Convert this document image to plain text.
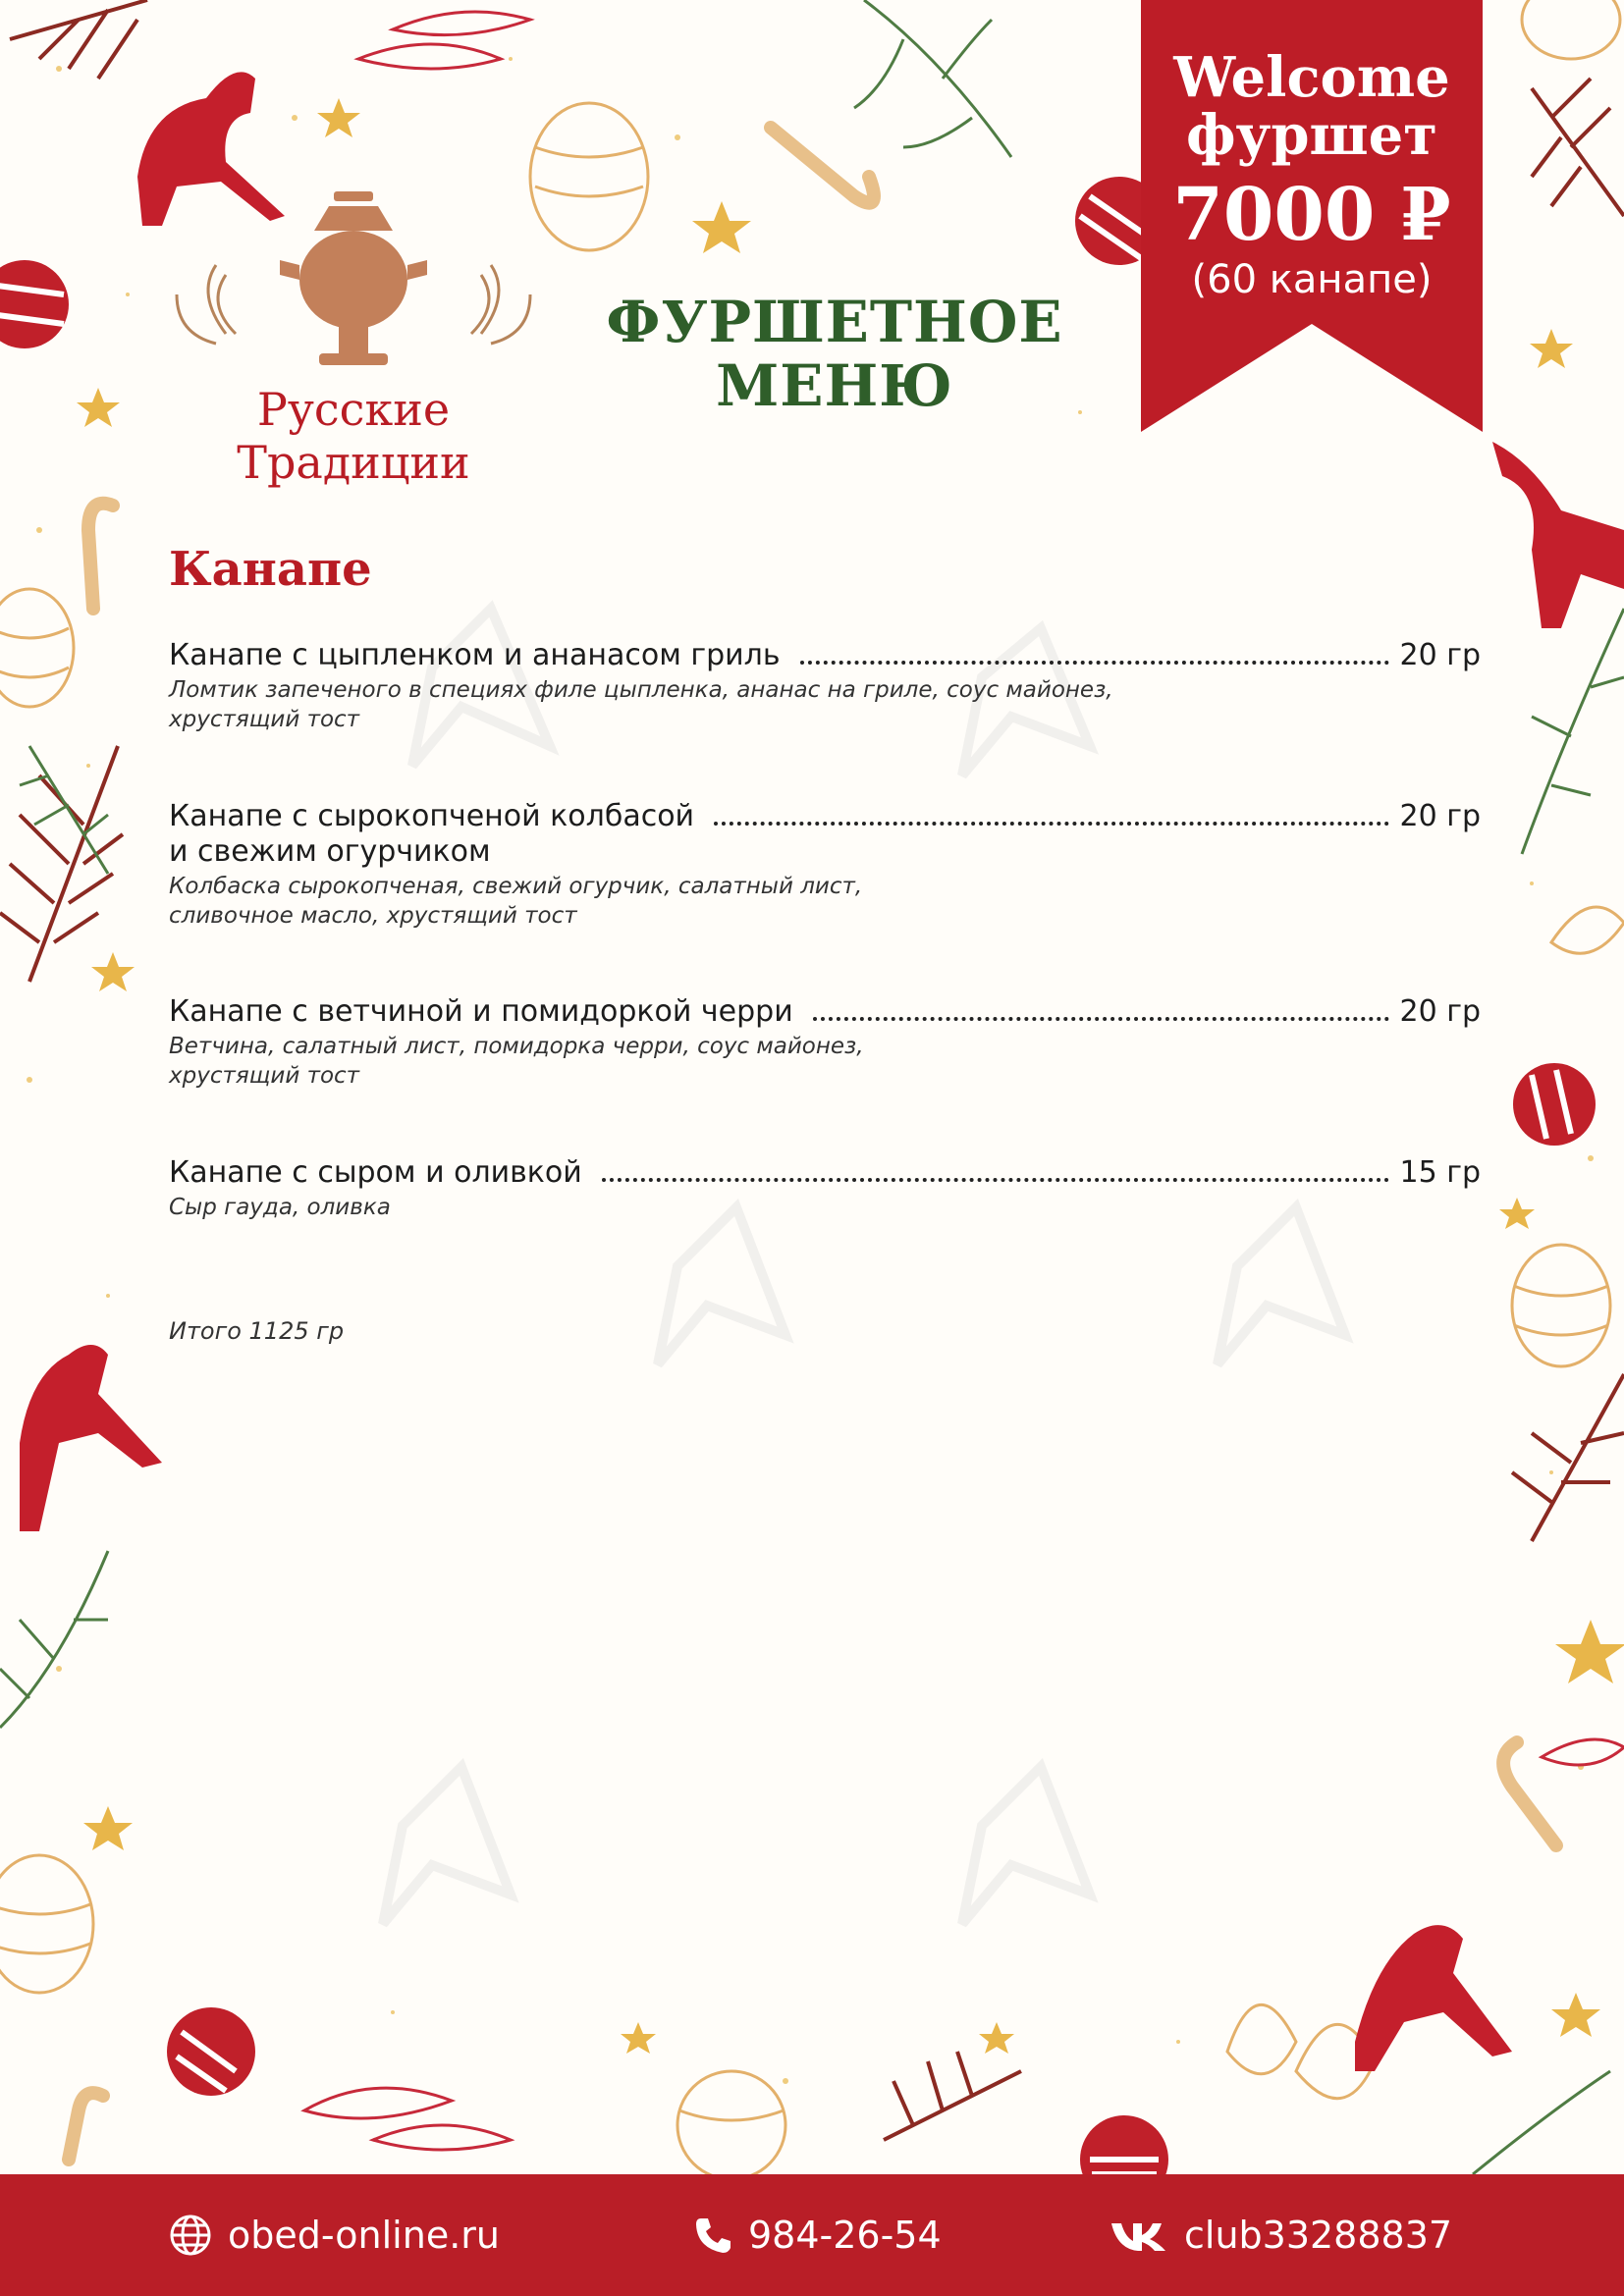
Русские Традиции
ФУРШЕТНОЕ
МЕНЮ
Welcome
фуршет
7000 ₽
(60 канапе)
Канапе
Канапе с цыпленком и ананасом гриль	20 гр
Ломтик запеченого в специях филе цыпленка, ананас на гриле, соус майонез,
хрустящий тост
Канапе с сырокопченой колбасой	20 гр
и свежим огурчиком
Колбаска сырокопченая, свежий огурчик, салатный лист,
сливочное масло, хрустящий тост
Канапе с ветчиной и помидоркой черри	20 гр
Ветчина, салатный лист, помидорка черри, соус майонез,
хрустящий тост
Канапе с сыром и оливкой	15 гр
Сыр гауда, оливка
Итого 1125 гр
obed-online.ru	984-26-54	club33288837
